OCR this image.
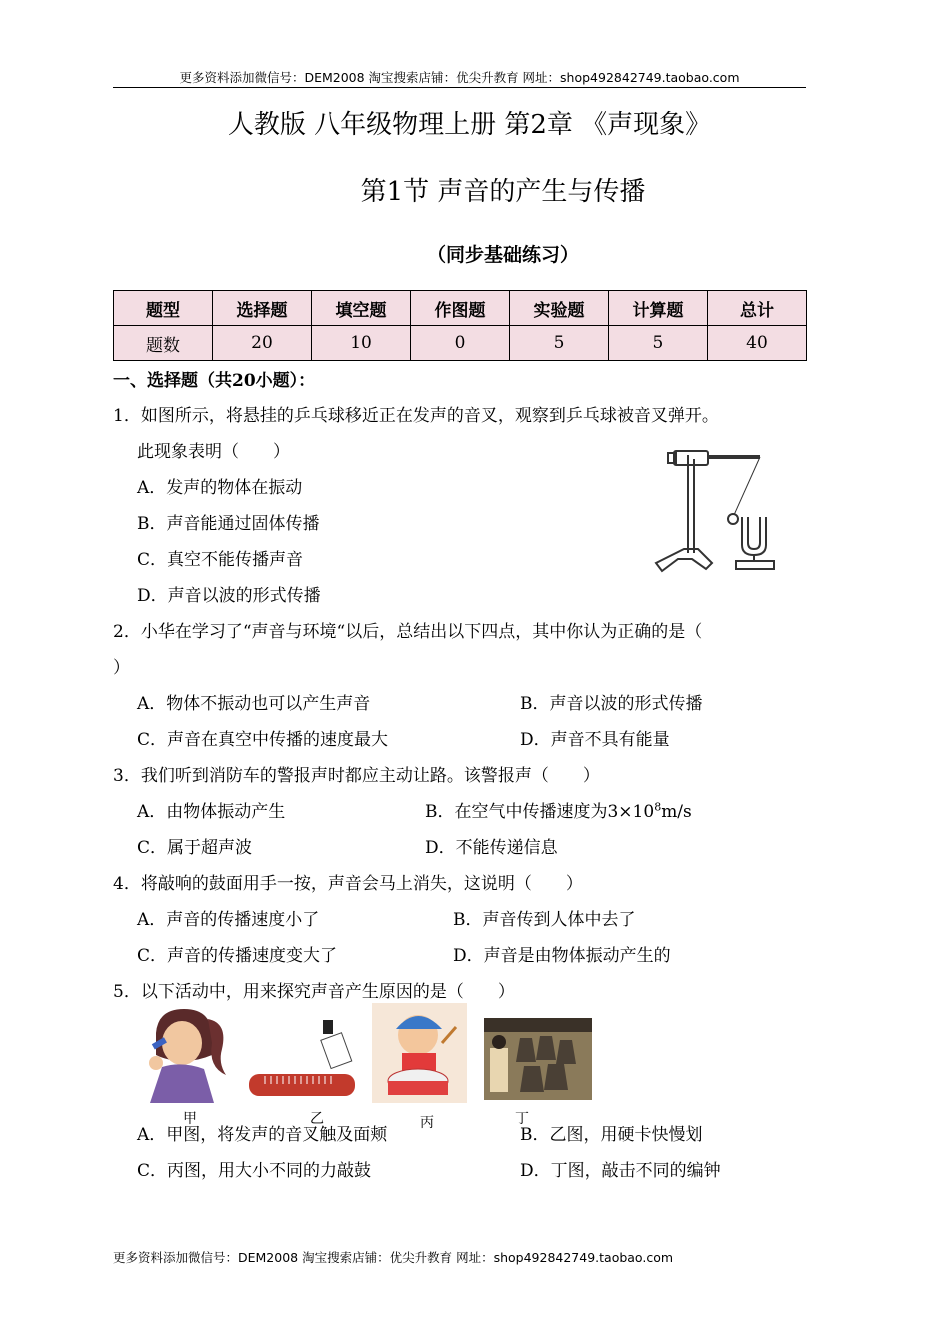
更多资料添加微信号：DEM2008 淘宝搜索店铺：优尖升教育 网址：shop492842749.taobao.com
人教版 八年级物理上册 第2章 《声现象》
第1节 声音的产生与传播
（同步基础练习）
题型	选择题	填空题	作图题	实验题	计算题	总计
题数	20	10	0	5	5	40
一、选择题（共20小题）：
1．如图所示，将悬挂的乒乓球移近正在发声的音叉，观察到乒乓球被音叉弹开。
此现象表明（　　）
A．发声的物体在振动
B．声音能通过固体传播
C．真空不能传播声音
D．声音以波的形式传播
2．小华在学习了“声音与环境“以后，总结出以下四点，其中你认为正确的是（
）
A．物体不振动也可以产生声音	B．声音以波的形式传播
C．声音在真空中传播的速度最大	D．声音不具有能量
3．我们听到消防车的警报声时都应主动让路。该警报声（　　）
A．由物体振动产生	B．在空气中传播速度为$3\times 10^8m/s$
C．属于超声波	D．不能传递信息
4．将敲响的鼓面用手一按，声音会马上消失，这说明（　　）
A．声音的传播速度小了	B．声音传到人体中去了
C．声音的传播速度变大了	D．声音是由物体振动产生的
5．以下活动中，用来探究声音产生原因的是（　　）
甲	乙	丙	丁
A．甲图，将发声的音叉触及面颊	B．乙图，用硬卡快慢划
C．丙图，用大小不同的力敲鼓	D．丁图，敲击不同的编钟
更多资料添加微信号：DEM2008 淘宝搜索店铺：优尖升教育 网址：shop492842749.taobao.com
